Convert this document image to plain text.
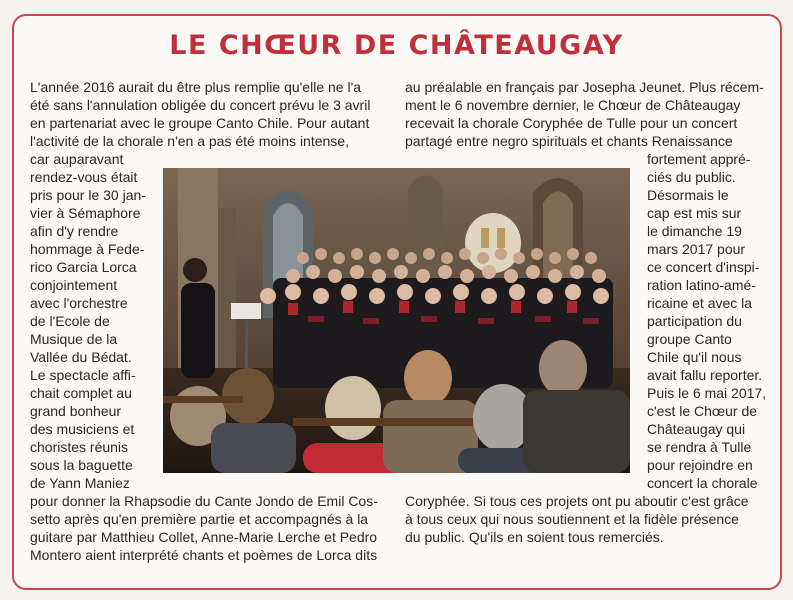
LE CHŒUR DE CHÂTEAUGAY
L'année 2016 aurait du être plus remplie qu'elle ne l'a
été sans l'annulation obligée du concert prévu le 3 avril
en partenariat avec le groupe Canto Chile. Pour autant
l'activité de la chorale n'en a pas été moins intense,
car auparavant
rendez-vous était
pris pour le 30 jan-
vier à Sémaphore
afin d'y rendre
hommage à Fede-
rico Garcia Lorca
conjointement
avec l'orchestre
de l'Ecole de
Musique de la
Vallée du Bédat.
Le spectacle affi-
chait complet au
grand bonheur
des musiciens et
choristes réunis
sous la baguette
de Yann Maniez
pour donner la Rhapsodie du Cante Jondo de Emil Cos-
setto après qu'en première partie et accompagnés à la
guitare par Matthieu Collet, Anne-Marie Lerche et Pedro
Montero aient interprété chants et poèmes de Lorca dits
au préalable en français par Josepha Jeunet. Plus récem-
ment le 6 novembre dernier, le Chœur de Châteaugay
recevait la chorale Coryphée de Tulle pour un concert
partagé entre negro spirituals et chants Renaissance
fortement appré-
ciés du public.
Désormais le
cap est mis sur
le dimanche 19
mars 2017 pour
ce concert d'inspi-
ration latino-amé-
ricaine et avec la
participation du
groupe Canto
Chile qu'il nous
avait fallu reporter.
Puis le 6 mai 2017,
c'est le Chœur de
Châteaugay qui
se rendra à Tulle
pour rejoindre en
concert la chorale
Coryphée. Si tous ces projets ont pu aboutir c'est grâce
à tous ceux qui nous soutiennent et la fidèle présence
du public. Qu'ils en soient tous remerciés.
